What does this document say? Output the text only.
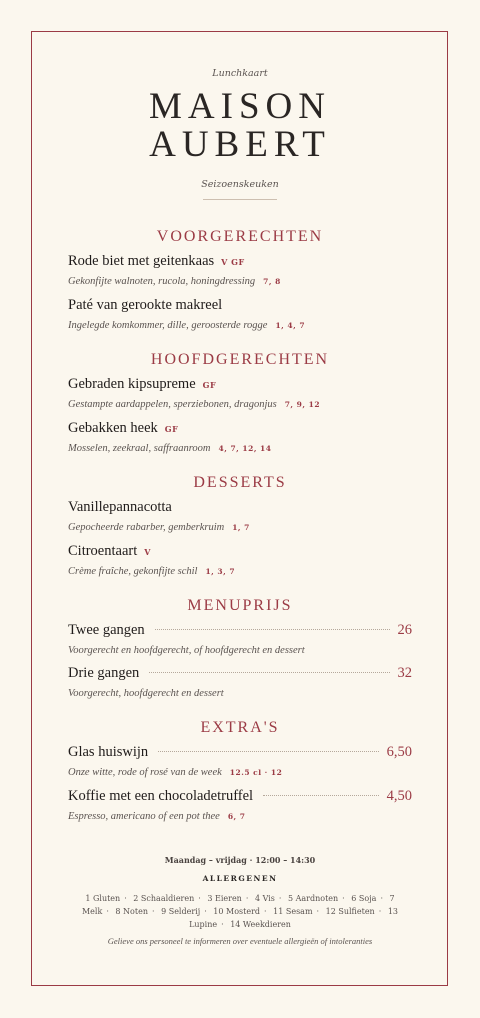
Lunchkaart
MAISON
AUBERT
Seizoenskeuken
VOORGERECHTEN
Rode biet met geitenkaas V GF
Gekonfijte walnoten, rucola, honingdressing 7, 8
Paté van gerookte makreel
Ingelegde komkommer, dille, geroosterde rogge 1, 4, 7
HOOFDGERECHTEN
Gebraden kipsupreme GF
Gestampte aardappelen, sperziebonen, dragonjus 7, 9, 12
Gebakken heek GF
Mosselen, zeekraal, saffraanroom 4, 7, 12, 14
DESSERTS
Vanillepannacotta
Gepocheerde rabarber, gemberkruim 1, 7
Citroentaart V
Crème fraîche, gekonfijte schil 1, 3, 7
MENUPRIJS
Twee gangen	26
Voorgerecht en hoofdgerecht, of hoofdgerecht en dessert
Drie gangen	32
Voorgerecht, hoofdgerecht en dessert
EXTRA'S
Glas huiswijn	6,50
Onze witte, rode of rosé van de week 12.5 cl · 12
Koffie met een chocoladetruffel	4,50
Espresso, americano of een pot thee 6, 7
Maandag – vrijdag · 12:00 – 14:30
ALLERGENEN
1 Gluten · 2 Schaaldieren · 3 Eieren · 4 Vis · 5 Aardnoten · 6 Soja · 7 Melk · 8 Noten · 9 Selderij · 10 Mosterd · 11 Sesam · 12 Sulfieten · 13 Lupine · 14 Weekdieren
Gelieve ons personeel te informeren over eventuele allergieën of intoleranties
